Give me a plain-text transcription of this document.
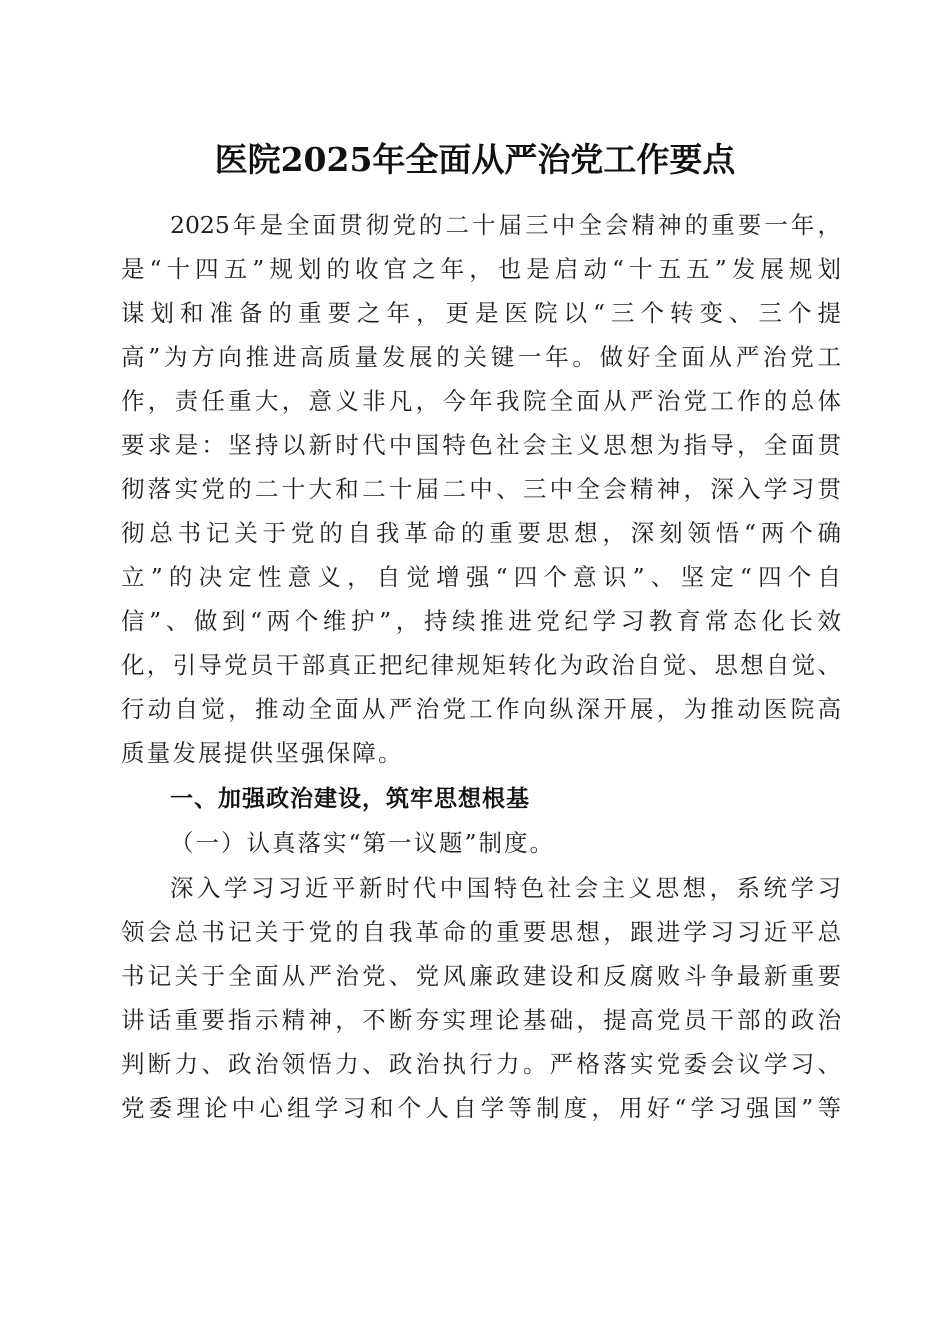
医院2025年全面从严治党工作要点
2025年是全面贯彻党的二十届三中全会精神的重要一年，
是“十四五”规划的收官之年，也是启动“十五五”发展规划
谋划和准备的重要之年，更是医院以“三个转变、三个提
高”为方向推进高质量发展的关键一年。做好全面从严治党工
作，责任重大，意义非凡，今年我院全面从严治党工作的总体
要求是：坚持以新时代中国特色社会主义思想为指导，全面贯
彻落实党的二十大和二十届二中、三中全会精神，深入学习贯
彻总书记关于党的自我革命的重要思想，深刻领悟“两个确
立”的决定性意义，自觉增强“四个意识”、坚定“四个自
信”、做到“两个维护”，持续推进党纪学习教育常态化长效
化，引导党员干部真正把纪律规矩转化为政治自觉、思想自觉、
行动自觉，推动全面从严治党工作向纵深开展，为推动医院高
质量发展提供坚强保障。
一、加强政治建设，筑牢思想根基
（一）认真落实“第一议题”制度。
深入学习习近平新时代中国特色社会主义思想，系统学习
领会总书记关于党的自我革命的重要思想，跟进学习习近平总
书记关于全面从严治党、党风廉政建设和反腐败斗争最新重要
讲话重要指示精神，不断夯实理论基础，提高党员干部的政治
判断力、政治领悟力、政治执行力。严格落实党委会议学习、
党委理论中心组学习和个人自学等制度，用好“学习强国”等
